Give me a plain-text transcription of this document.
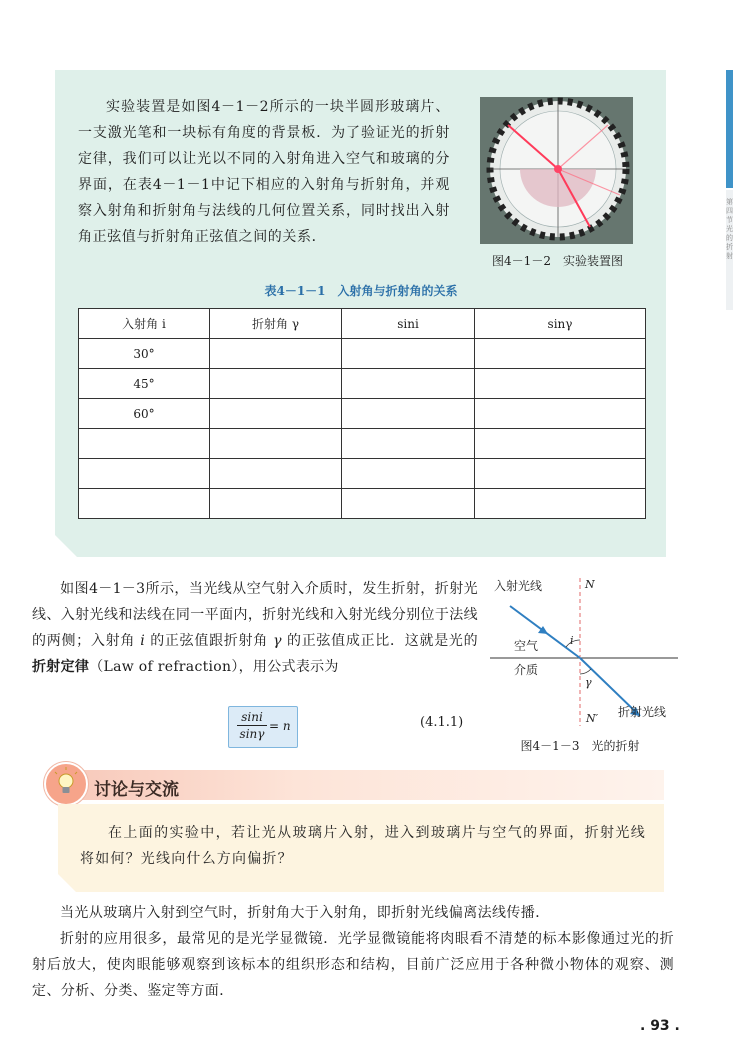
第四节 光的折射
实验装置是如图4－1－2所示的一块半圆形玻璃片、一支激光笔和一块标有角度的背景板．为了验证光的折射定律，我们可以让光以不同的入射角进入空气和玻璃的分界面，在表4－1－1中记下相应的入射角与折射角，并观察入射角和折射角与法线的几何位置关系，同时找出入射角正弦值与折射角正弦值之间的关系．
图4－1－2　实验装置图
表4－1－1　入射角与折射角的关系
入射角 i	折射角 γ	sini	sinγ
30°			
45°			
60°			

如图4－1－3所示，当光线从空气射入介质时，发生折射，折射光线、入射光线和法线在同一平面内，折射光线和入射光线分别位于法线的两侧；入射角 i 的正弦值跟折射角 γ 的正弦值成正比．这就是光的折射定律（Law of refraction），用公式表示为
$\frac{\sin i}{\sin\gamma} = n$	(4.1.1)
入射光线	N
空气
介质
i
γ
N′ 折射光线
图4－1－3　光的折射
讨论与交流
在上面的实验中，若让光从玻璃片入射，进入到玻璃片与空气的界面，折射光线将如何？光线向什么方向偏折？

当光从玻璃片入射到空气时，折射角大于入射角，即折射光线偏离法线传播．

折射的应用很多，最常见的是光学显微镜．光学显微镜能将肉眼看不清楚的标本影像通过光的折射后放大，使肉眼能够观察到该标本的组织形态和结构，目前广泛应用于各种微小物体的观察、测定、分析、分类、鉴定等方面．

. 93 .
